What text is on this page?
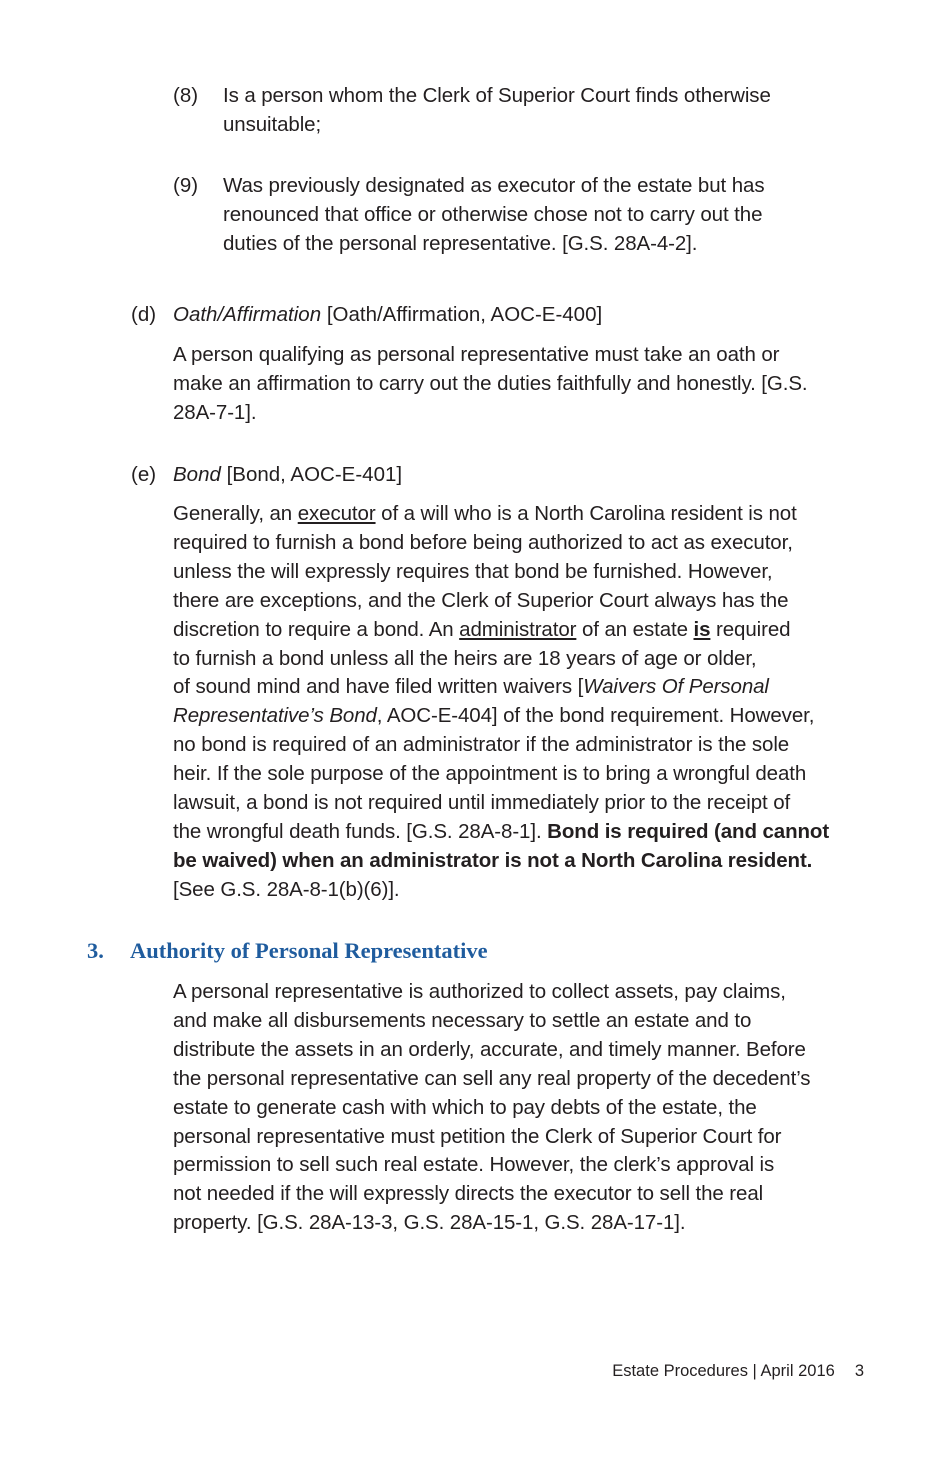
(8) Is a person whom the Clerk of Superior Court finds otherwise
unsuitable;
(9) Was previously designated as executor of the estate but has
renounced that office or otherwise chose not to carry out the
duties of the personal representative. [G.S. 28A-4-2].
(d) Oath/Affirmation [Oath/Affirmation, AOC-E-400]
A person qualifying as personal representative must take an oath or
make an affirmation to carry out the duties faithfully and honestly. [G.S.
28A-7-1].
(e) Bond [Bond, AOC-E-401]
Generally, an executor of a will who is a North Carolina resident is not
required to furnish a bond before being authorized to act as executor,
unless the will expressly requires that bond be furnished. However,
there are exceptions, and the Clerk of Superior Court always has the
discretion to require a bond. An administrator of an estate is required
to furnish a bond unless all the heirs are 18 years of age or older,
of sound mind and have filed written waivers [Waivers Of Personal
Representative’s Bond, AOC-E-404] of the bond requirement. However,
no bond is required of an administrator if the administrator is the sole
heir. If the sole purpose of the appointment is to bring a wrongful death
lawsuit, a bond is not required until immediately prior to the receipt of
the wrongful death funds. [G.S. 28A-8-1]. Bond is required (and cannot
be waived) when an administrator is not a North Carolina resident.
[See G.S. 28A-8-1(b)(6)].
3. Authority of Personal Representative
A personal representative is authorized to collect assets, pay claims,
and make all disbursements necessary to settle an estate and to
distribute the assets in an orderly, accurate, and timely manner. Before
the personal representative can sell any real property of the decedent’s
estate to generate cash with which to pay debts of the estate, the
personal representative must petition the Clerk of Superior Court for
permission to sell such real estate. However, the clerk’s approval is
not needed if the will expressly directs the executor to sell the real
property. [G.S. 28A-13-3, G.S. 28A-15-1, G.S. 28A-17-1].
Estate Procedures | April 2016 3
